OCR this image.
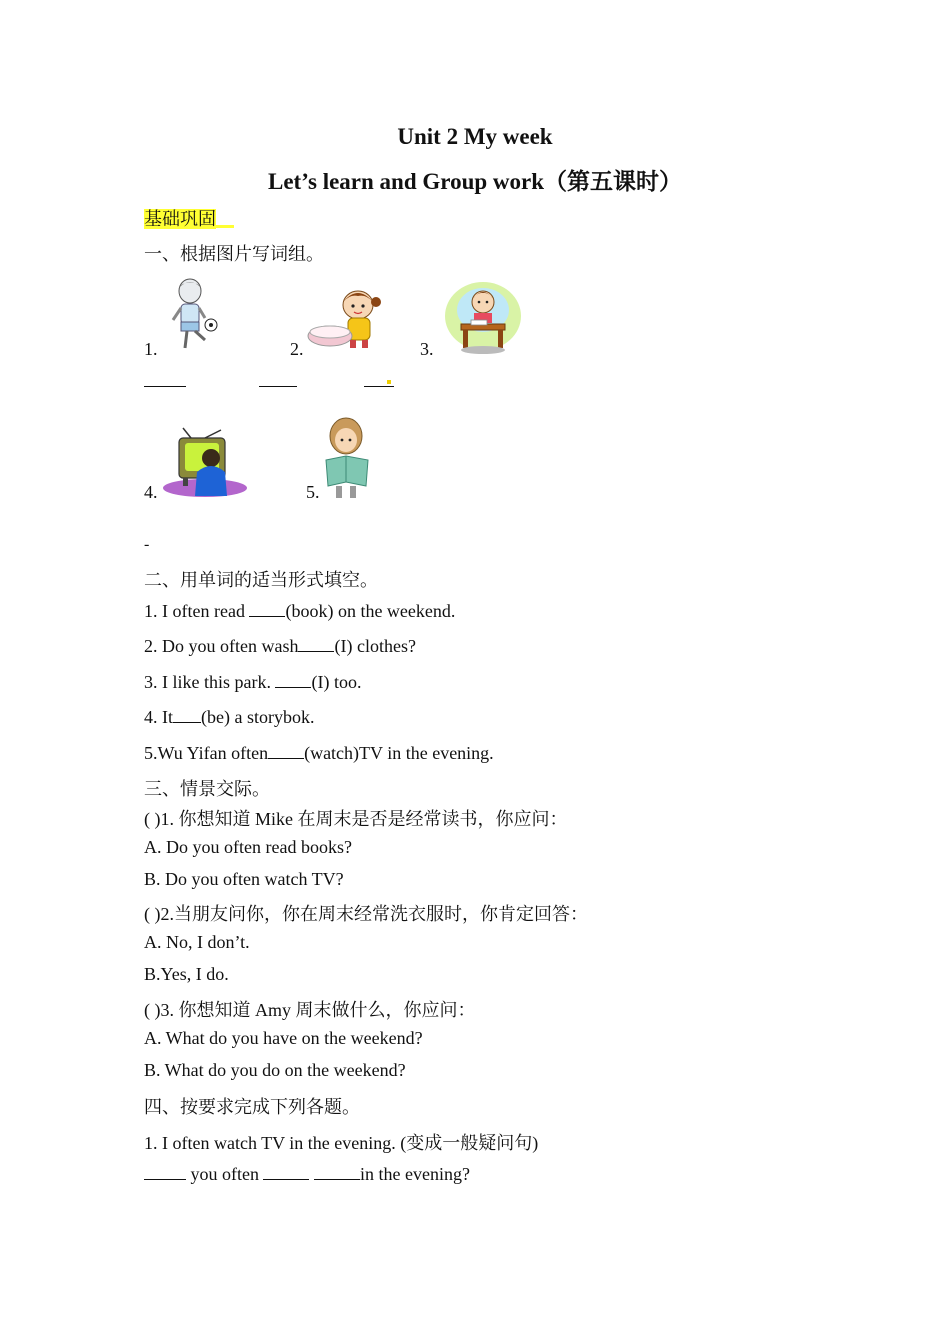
Unit 2 My week
Let’s learn and Group work（第五课时）
基础巩固
一、根据图片写词组。
1.	2.	3.
4.	5.
-
二、用单词的适当形式填空。
1. I often read (book) on the weekend.
2. Do you often wash (I) clothes?
3. I like this park. (I) too.
4. It (be) a storybok.
5.Wu Yifan often (watch)TV in the evening.
三、情景交际。
( )1. 你想知道 Mike 在周末是否是经常读书，你应问：
A. Do you often read books?
B. Do you often watch TV?
( )2.当朋友问你，你在周末经常洗衣服时，你肯定回答：
A. No, I don’t.
B.Yes, I do.
( )3. 你想知道 Amy 周末做什么，你应问：
A. What do you have on the weekend?
B. What do you do on the weekend?
四、按要求完成下列各题。
1. I often watch TV in the evening. (变成一般疑问句)
you often	in the evening?
